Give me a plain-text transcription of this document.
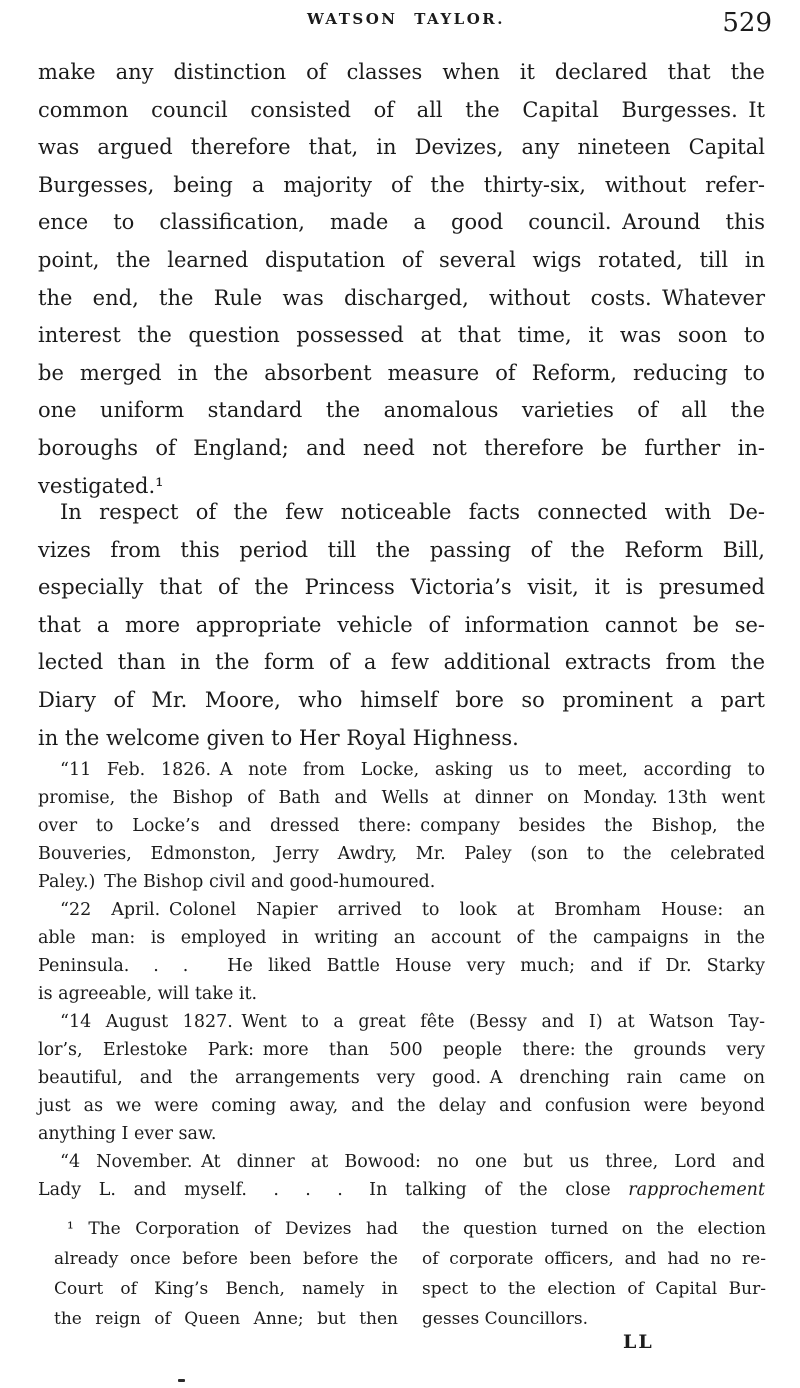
WATSON TAYLOR.	529
make any distinction of classes when it declared that the
common council consisted of all the Capital Burgesses. It
was argued therefore that, in Devizes, any nineteen Capital
Burgesses, being a majority of the thirty-six, without refer-
ence to classification, made a good council. Around this
point, the learned disputation of several wigs rotated, till in
the end, the Rule was discharged, without costs. Whatever
interest the question possessed at that time, it was soon to
be merged in the absorbent measure of Reform, reducing to
one uniform standard the anomalous varieties of all the
boroughs of England; and need not therefore be further in-
vestigated.¹
In respect of the few noticeable facts connected with De-
vizes from this period till the passing of the Reform Bill,
especially that of the Princess Victoria’s visit, it is presumed
that a more appropriate vehicle of information cannot be se-
lected than in the form of a few additional extracts from the
Diary of Mr. Moore, who himself bore so prominent a part
in the welcome given to Her Royal Highness.
“11 Feb. 1826. A note from Locke, asking us to meet, according to
promise, the Bishop of Bath and Wells at dinner on Monday. 13th went
over to Locke’s and dressed there: company besides the Bishop, the
Bouveries, Edmonston, Jerry Awdry, Mr. Paley (son to the celebrated
Paley.) The Bishop civil and good-humoured.
“22 April. Colonel Napier arrived to look at Bromham House: an
able man: is employed in writing an account of the campaigns in the
Peninsula.  .  .   He liked Battle House very much; and if Dr. Starky
is agreeable, will take it.
“14 August 1827. Went to a great fête (Bessy and I) at Watson Tay-
lor’s, Erlestoke Park: more than 500 people there: the grounds very
beautiful, and the arrangements very good. A drenching rain came on
just as we were coming away, and the delay and confusion were beyond
anything I ever saw.
“4 November. At dinner at Bowood: no one but us three, Lord and
Lady L. and myself.  .  .  .  In talking of the close rapprochement
¹ The Corporation of Devizes had
already once before been before the
Court of King’s Bench, namely in
the reign of Queen Anne; but then
the question turned on the election
of corporate officers, and had no re-
spect to the election of Capital Bur-
gesses Councillors.
LL
